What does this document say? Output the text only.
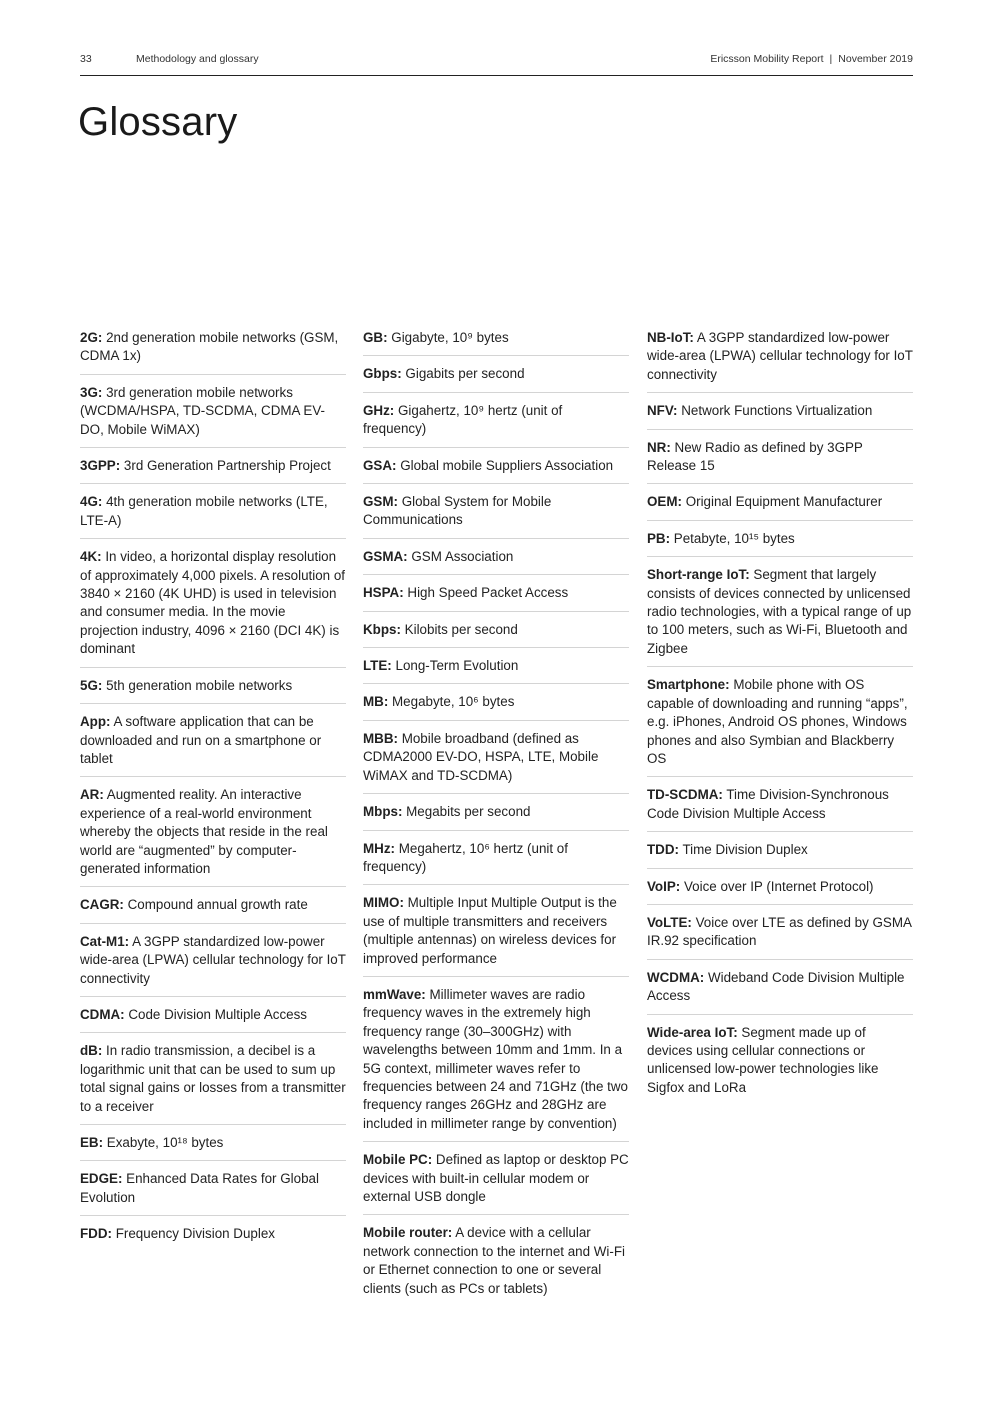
33	Methodology and glossary	Ericsson Mobility Report | November 2019
Glossary
2G: 2nd generation mobile networks (GSM, CDMA 1x)
3G: 3rd generation mobile networks (WCDMA/HSPA, TD-SCDMA, CDMA EV-DO, Mobile WiMAX)
3GPP: 3rd Generation Partnership Project
4G: 4th generation mobile networks (LTE, LTE-A)
4K: In video, a horizontal display resolution of approximately 4,000 pixels. A resolution of 3840 × 2160 (4K UHD) is used in television and consumer media. In the movie projection industry, 4096 × 2160 (DCI 4K) is dominant
5G: 5th generation mobile networks
App: A software application that can be downloaded and run on a smartphone or tablet
AR: Augmented reality. An interactive experience of a real-world environment whereby the objects that reside in the real world are “augmented” by computer-generated information
CAGR: Compound annual growth rate
Cat-M1: A 3GPP standardized low-power wide-area (LPWA) cellular technology for IoT connectivity
CDMA: Code Division Multiple Access
dB: In radio transmission, a decibel is a logarithmic unit that can be used to sum up total signal gains or losses from a transmitter to a receiver
EB: Exabyte, 10¹⁸ bytes
EDGE: Enhanced Data Rates for Global Evolution
FDD: Frequency Division Duplex
GB: Gigabyte, 10⁹ bytes
Gbps: Gigabits per second
GHz: Gigahertz, 10⁹ hertz (unit of frequency)
GSA: Global mobile Suppliers Association
GSM: Global System for Mobile Communications
GSMA: GSM Association
HSPA: High Speed Packet Access
Kbps: Kilobits per second
LTE: Long-Term Evolution
MB: Megabyte, 10⁶ bytes
MBB: Mobile broadband (defined as CDMA2000 EV-DO, HSPA, LTE, Mobile WiMAX and TD-SCDMA)
Mbps: Megabits per second
MHz: Megahertz, 10⁶ hertz (unit of frequency)
MIMO: Multiple Input Multiple Output is the use of multiple transmitters and receivers (multiple antennas) on wireless devices for improved performance
mmWave: Millimeter waves are radio frequency waves in the extremely high frequency range (30–300GHz) with wavelengths between 10mm and 1mm. In a 5G context, millimeter waves refer to frequencies between 24 and 71GHz (the two frequency ranges 26GHz and 28GHz are included in millimeter range by convention)
Mobile PC: Defined as laptop or desktop PC devices with built-in cellular modem or external USB dongle
Mobile router: A device with a cellular network connection to the internet and Wi-Fi or Ethernet connection to one or several clients (such as PCs or tablets)
NB-IoT: A 3GPP standardized low-power wide-area (LPWA) cellular technology for IoT connectivity
NFV: Network Functions Virtualization
NR: New Radio as defined by 3GPP Release 15
OEM: Original Equipment Manufacturer
PB: Petabyte, 10¹⁵ bytes
Short-range IoT: Segment that largely consists of devices connected by unlicensed radio technologies, with a typical range of up to 100 meters, such as Wi-Fi, Bluetooth and Zigbee
Smartphone: Mobile phone with OS capable of downloading and running “apps”, e.g. iPhones, Android OS phones, Windows phones and also Symbian and Blackberry OS
TD-SCDMA: Time Division-Synchronous Code Division Multiple Access
TDD: Time Division Duplex
VoIP: Voice over IP (Internet Protocol)
VoLTE: Voice over LTE as defined by GSMA IR.92 specification
WCDMA: Wideband Code Division Multiple Access
Wide-area IoT: Segment made up of devices using cellular connections or unlicensed low-power technologies like Sigfox and LoRa
